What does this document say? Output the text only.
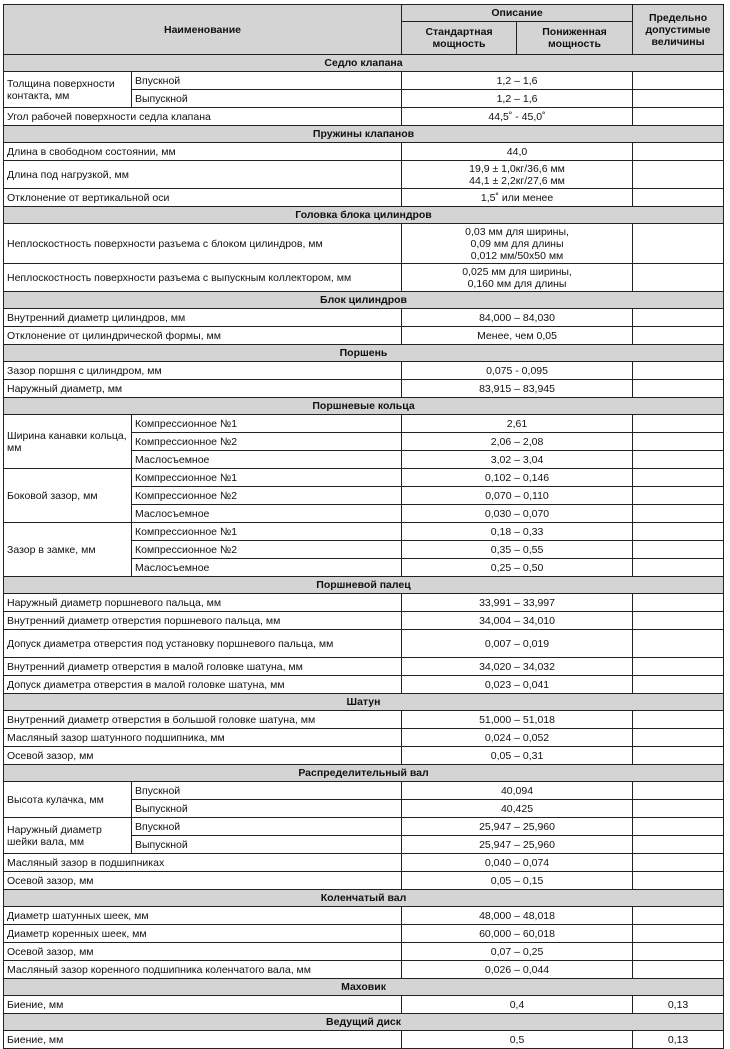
Наименование		Описание		Предельно допустимые величины
		Стандартная мощность	Пониженная мощность	
Седло клапана				
Толщина поверхности контакта, мм	Впускной	1,2 – 1,6		
	Выпускной	1,2 – 1,6		
Угол рабочей поверхности седла клапана		44,5˚ - 45,0˚		
Пружины клапанов				
Длина в свободном состоянии, мм		44,0		
Длина под нагрузкой, мм		19,9 ± 1,0кг/36,6 мм
44,1 ± 2,2кг/27,6 мм		
Отклонение от вертикальной оси		1,5˚ или менее		
Головка блока цилиндров				
Неплоскостность поверхности разъема с блоком цилиндров, мм		0,03 мм для ширины,
0,09 мм для длины
0,012 мм/50х50 мм		
Неплоскостность поверхности разъема с выпускным коллектором, мм		0,025 мм для ширины,
0,160 мм для длины		
Блок цилиндров				
Внутренний диаметр цилиндров, мм		84,000 – 84,030		
Отклонение от цилиндрической формы, мм		Менее, чем 0,05		
Поршень				
Зазор поршня с цилиндром, мм		0,075 - 0,095		
Наружный диаметр, мм		83,915 – 83,945		
Поршневые кольца				
Ширина канавки кольца, мм	Компрессионное №1	2,61		
	Компрессионное №2	2,06 – 2,08		
	Маслосъемное	3,02 – 3,04		
Боковой зазор, мм	Компрессионное №1	0,102 – 0,146		
	Компрессионное №2	0,070 – 0,110		
	Маслосъемное	0,030 – 0,070		
Зазор в замке, мм	Компрессионное №1	0,18 – 0,33		
	Компрессионное №2	0,35 – 0,55		
	Маслосъемное	0,25 – 0,50		
Поршневой палец				
Наружный диаметр поршневого пальца, мм		33,991 – 33,997		
Внутренний диаметр отверстия поршневого пальца, мм		34,004 – 34,010		
Допуск диаметра отверстия под установку поршневого пальца, мм		0,007 – 0,019		
Внутренний диаметр отверстия в малой головке шатуна, мм		34,020 – 34,032		
Допуск диаметра отверстия в малой головке шатуна, мм		0,023 – 0,041		
Шатун				
Внутренний диаметр отверстия в большой головке шатуна, мм		51,000 – 51,018		
Масляный зазор шатунного подшипника, мм		0,024 – 0,052		
Осевой зазор, мм		0,05 – 0,31		
Распределительный вал				
Высота кулачка, мм	Впускной	40,094		
	Выпускной	40,425		
Наружный диаметр шейки вала, мм	Впускной	25,947 – 25,960		
	Выпускной	25,947 – 25,960		
Масляный зазор в подшипниках		0,040 – 0,074		
Осевой зазор, мм		0,05 – 0,15		
Коленчатый вал				
Диаметр шатунных шеек, мм		48,000 – 48,018		
Диаметр коренных шеек, мм		60,000 – 60,018		
Осевой зазор, мм		0,07 – 0,25		
Масляный зазор коренного подшипника коленчатого вала, мм		0,026 – 0,044		
Маховик				
Биение, мм		0,4		0,13
Ведущий диск				
Биение, мм		0,5		0,13
